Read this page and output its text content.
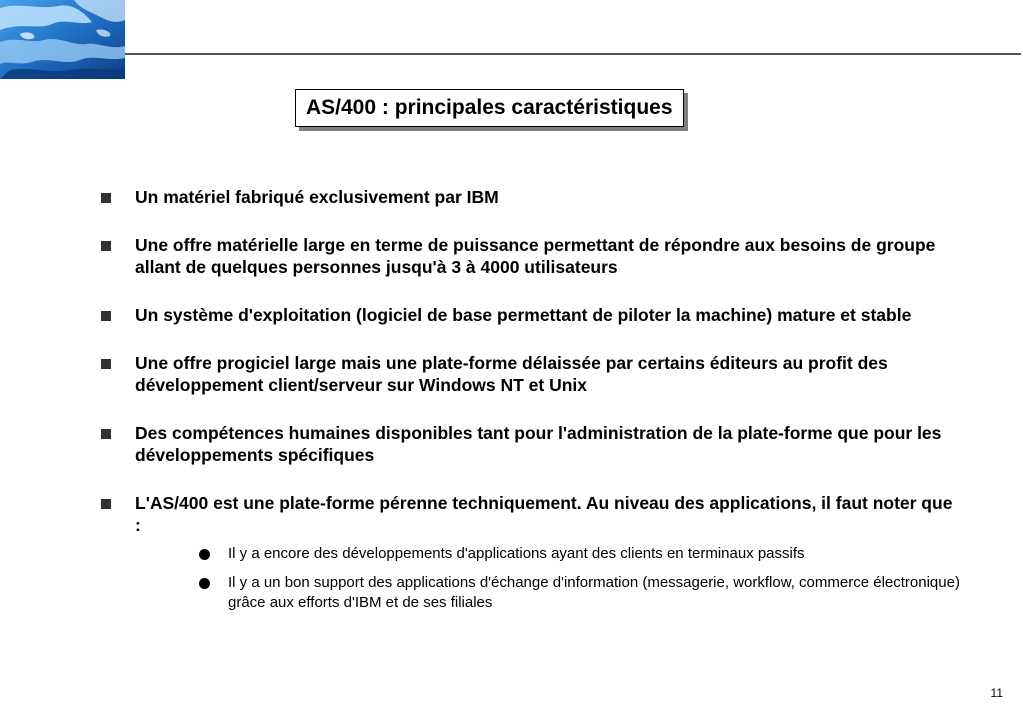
AS/400 : principales caractéristiques
Un matériel fabriqué exclusivement par IBM
Une offre matérielle large en terme de puissance permettant de répondre aux besoins de groupe allant de quelques personnes jusqu'à 3 à 4000 utilisateurs
Un système d'exploitation (logiciel de base permettant de piloter la machine) mature et stable
Une offre progiciel large mais une plate-forme délaissée par certains éditeurs au profit des développement client/serveur sur Windows NT et Unix
Des compétences humaines disponibles tant pour l'administration de la plate-forme que pour les développements spécifiques
L'AS/400 est une plate-forme pérenne techniquement. Au niveau des applications, il faut noter que :
Il y a encore des développements d'applications ayant des clients en terminaux passifs
Il y a un bon support des applications d'échange d'information (messagerie, workflow, commerce électronique) grâce aux efforts d'IBM et de ses filiales
11
